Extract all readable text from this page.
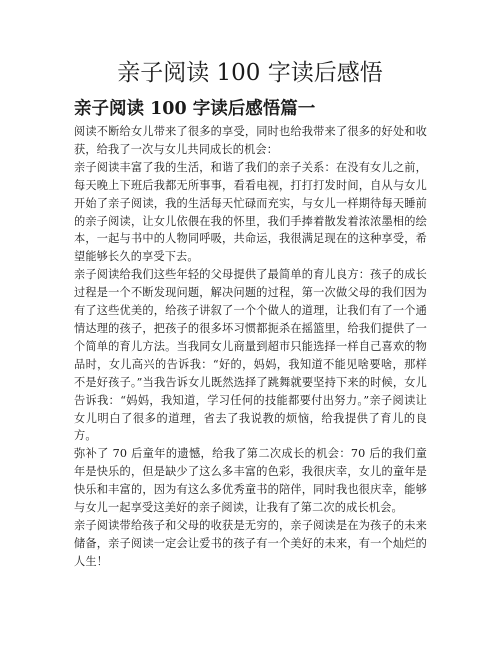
亲子阅读 100 字读后感悟
亲子阅读 100 字读后感悟篇一

阅读不断给女儿带来了很多的享受，同时也给我带来了很多的好处和收获，给我了一次与女儿共同成长的机会：

亲子阅读丰富了我的生活，和谐了我们的亲子关系：在没有女儿之前，每天晚上下班后我都无所事事，看看电视，打打打发时间，自从与女儿开始了亲子阅读，我的生活每天忙碌而充实，与女儿一样期待每天睡前的亲子阅读，让女儿依偎在我的怀里，我们手捧着散发着浓浓墨相的绘本，一起与书中的人物同呼吸，共命运，我很满足现在的这种享受，希望能够长久的享受下去。

亲子阅读给我们这些年轻的父母提供了最简单的育儿良方：孩子的成长过程是一个不断发现问题，解决问题的过程，第一次做父母的我们因为有了这些优美的，给孩子讲叙了一个个做人的道理，让我们有了一个通情达理的孩子，把孩子的很多坏习惯都扼杀在摇篮里，给我们提供了一个简单的育儿方法。当我同女儿商量到超市只能选择一样自己喜欢的物品时，女儿高兴的告诉我：“好的，妈妈，我知道不能见啥要啥，那样不是好孩子。”当我告诉女儿既然选择了跳舞就要坚持下来的时候，女儿告诉我：“妈妈，我知道，学习任何的技能都要付出努力。”亲子阅读让女儿明白了很多的道理，省去了我说教的烦恼，给我提供了育儿的良方。

弥补了 70 后童年的遗憾，给我了第二次成长的机会：70 后的我们童年是快乐的，但是缺少了这么多丰富的色彩，我很庆幸，女儿的童年是快乐和丰富的，因为有这么多优秀童书的陪伴，同时我也很庆幸，能够与女儿一起享受这美好的亲子阅读，让我有了第二次的成长机会。

亲子阅读带给孩子和父母的收获是无穷的，亲子阅读是在为孩子的未来储备，亲子阅读一定会让爱书的孩子有一个美好的未来，有一个灿烂的人生！
